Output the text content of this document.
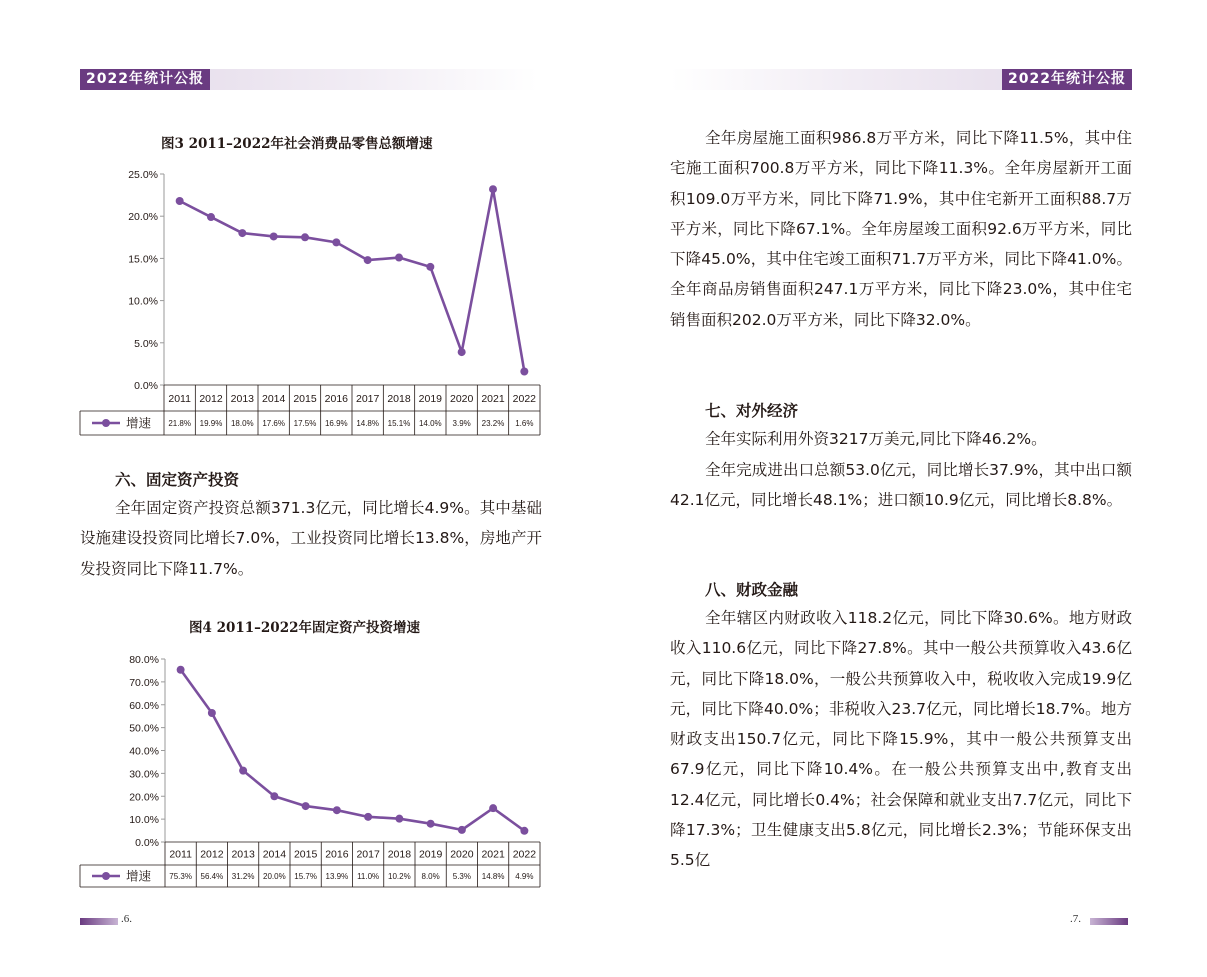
2022年统计公报
图3 2011–2022年社会消费品零售总额增速
0.0%
5.0%
10.0%
15.0%
20.0%
25.0%
2011 2012 2013 2014 2015 2016 2017 2018 2019 2020 2021 2022
21.8% 19.9% 18.0% 17.6% 17.5% 16.9% 14.8% 15.1% 14.0% 3.9% 23.2% 1.6%
增速
六、固定资产投资
全年固定资产投资总额371.3亿元，同比增长4.9%。其中基础设施建设投资同比增长7.0%，工业投资同比增长13.8%，房地产开发投资同比下降11.7%。
图4 2011–2022年固定资产投资增速
0.0%
10.0%
20.0%
30.0%
40.0%
50.0%
60.0%
70.0%
80.0%
2011 2012 2013 2014 2015 2016 2017 2018 2019 2020 2021 2022
75.3% 56.4% 31.2% 20.0% 15.7% 13.9% 11.0% 10.2% 8.0% 5.3% 14.8% 4.9%
增速
.6.
2022年统计公报
全年房屋施工面积986.8万平方米，同比下降11.5%，其中住宅施工面积700.8万平方米，同比下降11.3%。全年房屋新开工面积109.0万平方米，同比下降71.9%，其中住宅新开工面积88.7万平方米，同比下降67.1%。全年房屋竣工面积92.6万平方米，同比下降45.0%，其中住宅竣工面积71.7万平方米，同比下降41.0%。全年商品房销售面积247.1万平方米，同比下降23.0%，其中住宅销售面积202.0万平方米，同比下降32.0%。
七、对外经济
全年实际利用外资3217万美元,同比下降46.2%。
全年完成进出口总额53.0亿元，同比增长37.9%，其中出口额42.1亿元，同比增长48.1%；进口额10.9亿元，同比增长8.8%。
八、财政金融
全年辖区内财政收入118.2亿元，同比下降30.6%。地方财政收入110.6亿元，同比下降27.8%。其中一般公共预算收入43.6亿元，同比下降18.0%，一般公共预算收入中，税收收入完成19.9亿元，同比下降40.0%；非税收入23.7亿元，同比增长18.7%。地方财政支出150.7亿元，同比下降15.9%，其中一般公共预算支出67.9亿元，同比下降10.4%。在一般公共预算支出中,教育支出12.4亿元，同比增长0.4%；社会保障和就业支出7.7亿元，同比下降17.3%；卫生健康支出5.8亿元，同比增长2.3%；节能环保支出5.5亿
.7.
